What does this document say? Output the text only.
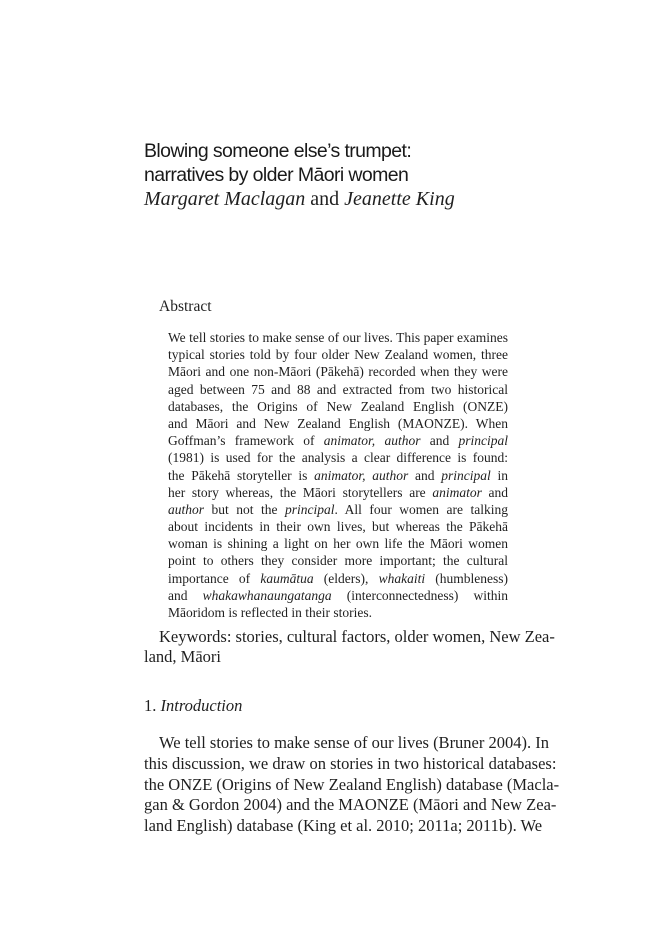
Blowing someone else’s trumpet:
narratives by older Māori women
Margaret Maclagan and Jeanette King
Abstract
We tell stories to make sense of our lives. This paper examines
typical stories told by four older New Zealand women, three
Māori and one non-Māori (Pākehā) recorded when they were
aged between 75 and 88 and extracted from two historical
databases, the Origins of New Zealand English (ONZE)
and Māori and New Zealand English (MAONZE). When
Goffman’s framework of animator, author and principal
(1981) is used for the analysis a clear difference is found:
the Pākehā storyteller is animator, author and principal in
her story whereas, the Māori storytellers are animator and
author but not the principal. All four women are talking
about incidents in their own lives, but whereas the Pākehā
woman is shining a light on her own life the Māori women
point to others they consider more important; the cultural
importance of kaumātua (elders), whakaiti (humbleness)
and whakawhanaungatanga (interconnectedness) within
Māoridom is reflected in their stories.
Keywords: stories, cultural factors, older women, New Zea-
land, Māori
1. Introduction
We tell stories to make sense of our lives (Bruner 2004). In
this discussion, we draw on stories in two historical databases:
the ONZE (Origins of New Zealand English) database (Macla-
gan & Gordon 2004) and the MAONZE (Māori and New Zea-
land English) database (King et al. 2010; 2011a; 2011b). We
